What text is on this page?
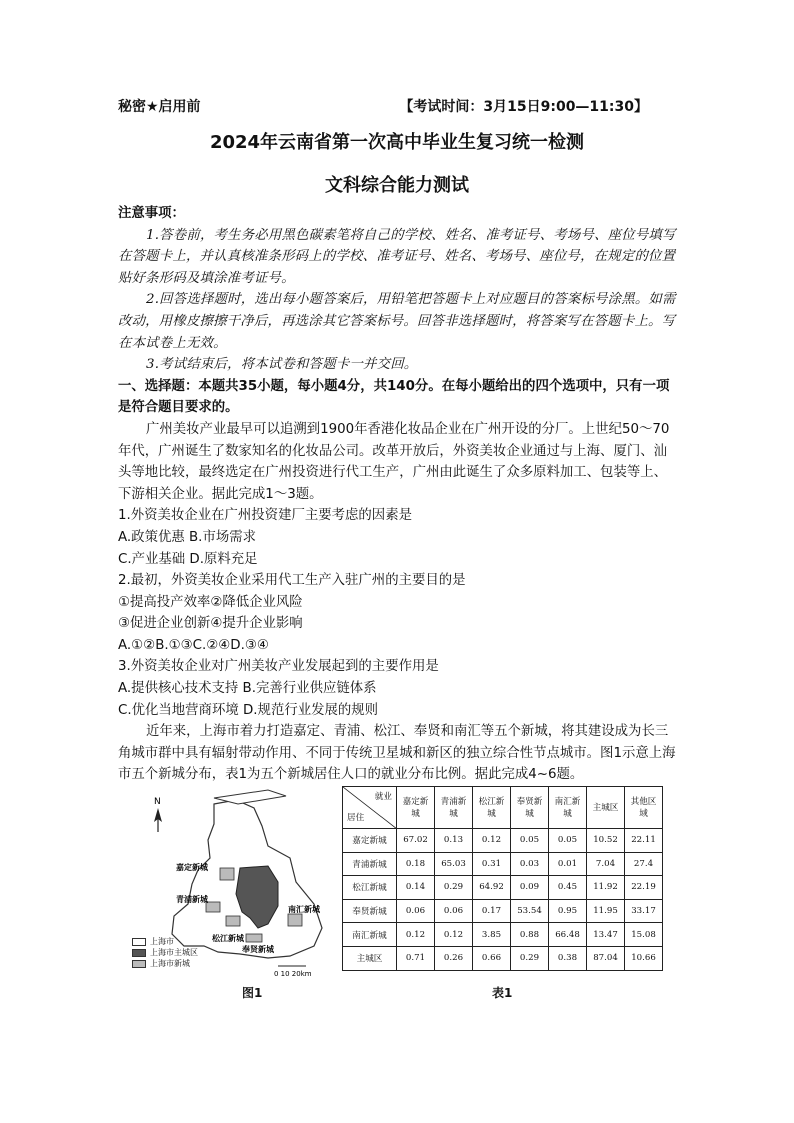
秘密★启用前	【考试时间：3月15日9:00—11:30】
2024年云南省第一次高中毕业生复习统一检测
文科综合能力测试

注意事项：

1.答卷前，考生务必用黑色碳素笔将自己的学校、姓名、准考证号、考场号、座位号填写在答题卡上，并认真核准条形码上的学校、准考证号、姓名、考场号、座位号，在规定的位置贴好条形码及填涂准考证号。

2.回答选择题时，选出每小题答案后，用铅笔把答题卡上对应题目的答案标号涂黑。如需改动，用橡皮擦擦干净后，再选涂其它答案标号。回答非选择题时，将答案写在答题卡上。写在本试卷上无效。

3.考试结束后，将本试卷和答题卡一并交回。

一、选择题：本题共35小题，每小题4分，共140分。在每小题给出的四个选项中，只有一项是符合题目要求的。

广州美妆产业最早可以追溯到1900年香港化妆品企业在广州开设的分厂。上世纪50～70年代，广州诞生了数家知名的化妆品公司。改革开放后，外资美妆企业通过与上海、厦门、汕头等地比较，最终选定在广州投资进行代工生产，广州由此诞生了众多原料加工、包装等上、下游相关企业。据此完成1～3题。

1.外资美妆企业在广州投资建厂主要考虑的因素是

A.政策优惠 B.市场需求

C.产业基础 D.原料充足

2.最初，外资美妆企业采用代工生产入驻广州的主要目的是

①提高投产效率②降低企业风险

③促进企业创新④提升企业影响

A.①②B.①③C.②④D.③④

3.外资美妆企业对广州美妆产业发展起到的主要作用是

A.提供核心技术支持 B.完善行业供应链体系

C.优化当地营商环境 D.规范行业发展的规则

近年来，上海市着力打造嘉定、青浦、松江、奉贤和南汇等五个新城，将其建设成为长三角城市群中具有辐射带动作用、不同于传统卫星城和新区的独立综合性节点城市。图1示意上海市五个新城分布，表1为五个新城居住人口的就业分布比例。据此完成4~6题。

N
嘉定新城
青浦新城
松江新城
奉贤新城
南汇新城
0 10 20km
上海市
上海市主城区
上海市新城
图1
就业
居住	嘉定新城	青浦新城	松江新城	奉贤新城	南汇新城	主城区	其他区域
嘉定新城	67.02	0.13	0.12	0.05	0.05	10.52	22.11
青浦新城	0.18	65.03	0.31	0.03	0.01	7.04	27.4
松江新城	0.14	0.29	64.92	0.09	0.45	11.92	22.19
奉贤新城	0.06	0.06	0.17	53.54	0.95	11.95	33.17
南汇新城	0.12	0.12	3.85	0.88	66.48	13.47	15.08
主城区	0.71	0.26	0.66	0.29	0.38	87.04	10.66
表1
